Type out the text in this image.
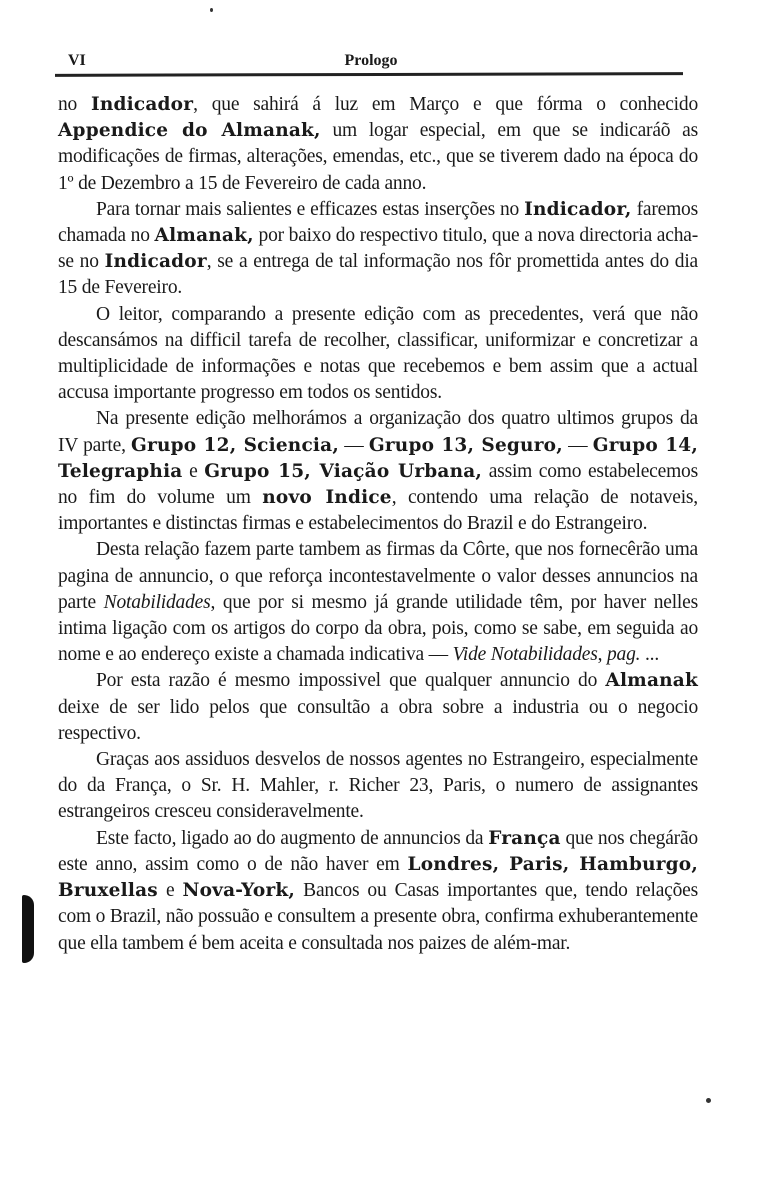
VI	Prologo

no Indicador, que sahirá á luz em Março e que fórma o conhecido Appendice do Almanak, um logar especial, em que se indicaráõ as modificações de firmas, alterações, emendas, etc., que se tiverem dado na época do 1º de Dezembro a 15 de Fevereiro de cada anno.

Para tornar mais salientes e efficazes estas inserções no Indicador, faremos chamada no Almanak, por baixo do respectivo titulo, que a nova directoria acha-se no Indicador, se a entrega de tal informação nos fôr promettida antes do dia 15 de Fevereiro.

O leitor, comparando a presente edição com as precedentes, verá que não descansámos na difficil tarefa de recolher, classificar, uniformizar e concretizar a multiplicidade de informações e notas que recebemos e bem assim que a actual accusa importante progresso em todos os sentidos.

Na presente edição melhorámos a organização dos quatro ultimos grupos da IV parte, Grupo 12, Sciencia, — Grupo 13, Seguro, — Grupo 14, Telegraphia e Grupo 15, Viação Urbana, assim como estabelecemos no fim do volume um novo Indice, contendo uma relação de notaveis, importantes e distinctas firmas e estabelecimentos do Brazil e do Estrangeiro.

Desta relação fazem parte tambem as firmas da Côrte, que nos fornecêrão uma pagina de annuncio, o que reforça incontestavelmente o valor desses annuncios na parte Notabilidades, que por si mesmo já grande utilidade têm, por haver nelles intima ligação com os artigos do corpo da obra, pois, como se sabe, em seguida ao nome e ao endereço existe a chamada indicativa — Vide Notabilidades, pag. ...

Por esta razão é mesmo impossivel que qualquer annuncio do Almanak deixe de ser lido pelos que consultão a obra sobre a industria ou o negocio respectivo.

Graças aos assiduos desvelos de nossos agentes no Estrangeiro, especialmente do da França, o Sr. H. Mahler, r. Richer 23, Paris, o numero de assignantes estrangeiros cresceu consideravelmente.

Este facto, ligado ao do augmento de annuncios da França que nos chegárão este anno, assim como o de não haver em Londres, Paris, Hamburgo, Bruxellas e Nova-York, Bancos ou Casas importantes que, tendo relações com o Brazil, não possuão e consultem a presente obra, confirma exhuberantemente que ella tambem é bem aceita e consultada nos paizes de além-mar.
